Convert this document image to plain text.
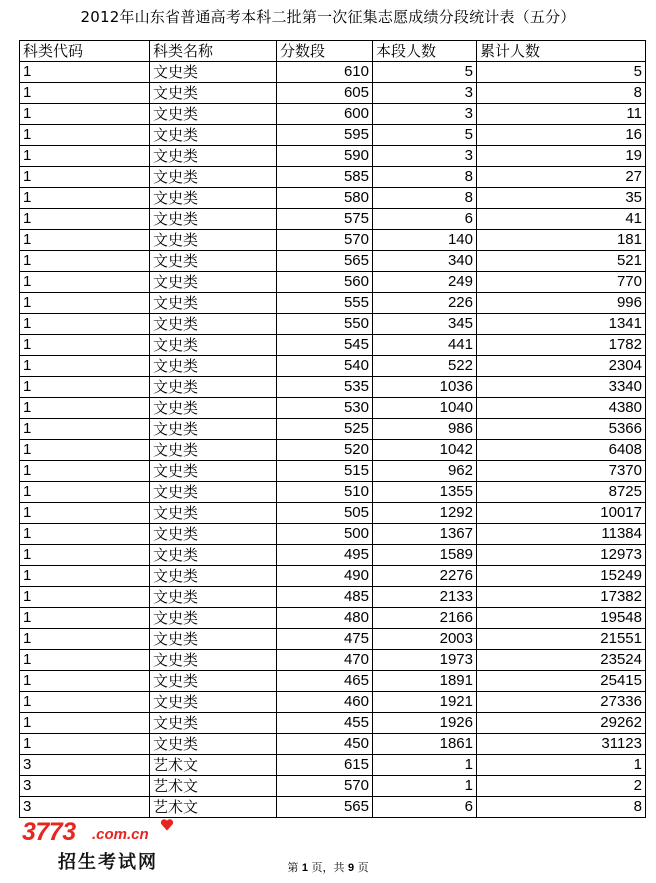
2012年山东省普通高考本科二批第一次征集志愿成绩分段统计表（五分）
科类代码	科类名称	分数段	本段人数	累计人数
1	文史类	610	5	5
1	文史类	605	3	8
1	文史类	600	3	11
1	文史类	595	5	16
1	文史类	590	3	19
1	文史类	585	8	27
1	文史类	580	8	35
1	文史类	575	6	41
1	文史类	570	140	181
1	文史类	565	340	521
1	文史类	560	249	770
1	文史类	555	226	996
1	文史类	550	345	1341
1	文史类	545	441	1782
1	文史类	540	522	2304
1	文史类	535	1036	3340
1	文史类	530	1040	4380
1	文史类	525	986	5366
1	文史类	520	1042	6408
1	文史类	515	962	7370
1	文史类	510	1355	8725
1	文史类	505	1292	10017
1	文史类	500	1367	11384
1	文史类	495	1589	12973
1	文史类	490	2276	15249
1	文史类	485	2133	17382
1	文史类	480	2166	19548
1	文史类	475	2003	21551
1	文史类	470	1973	23524
1	文史类	465	1891	25415
1	文史类	460	1921	27336
1	文史类	455	1926	29262
1	文史类	450	1861	31123
3	艺术文	615	1	1
3	艺术文	570	1	2
3	艺术文	565	6	8
3773 .com.cn
招生考试网	第 1 页，共 9 页
